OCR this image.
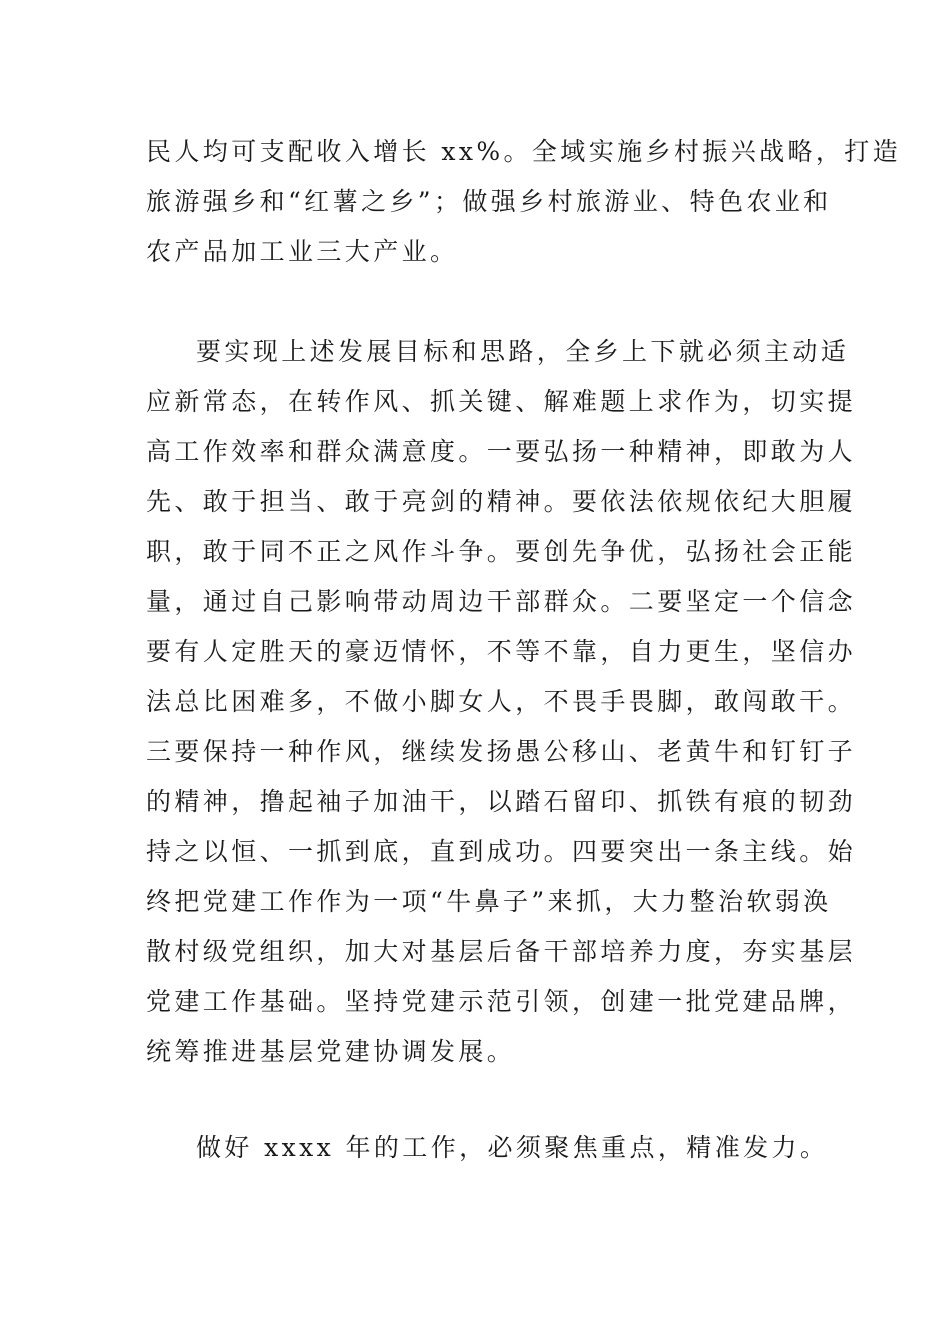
民人均可支配收入增长 xx%。全域实施乡村振兴战略，打造
旅游强乡和“红薯之乡”；做强乡村旅游业、特色农业和
农产品加工业三大产业。
要实现上述发展目标和思路，全乡上下就必须主动适
应新常态，在转作风、抓关键、解难题上求作为，切实提
高工作效率和群众满意度。一要弘扬一种精神，即敢为人
先、敢于担当、敢于亮剑的精神。要依法依规依纪大胆履
职，敢于同不正之风作斗争。要创先争优，弘扬社会正能
量，通过自己影响带动周边干部群众。二要坚定一个信念
要有人定胜天的豪迈情怀，不等不靠，自力更生，坚信办
法总比困难多，不做小脚女人，不畏手畏脚，敢闯敢干。
三要保持一种作风，继续发扬愚公移山、老黄牛和钉钉子
的精神，撸起袖子加油干，以踏石留印、抓铁有痕的韧劲
持之以恒、一抓到底，直到成功。四要突出一条主线。始
终把党建工作作为一项“牛鼻子”来抓，大力整治软弱涣
散村级党组织，加大对基层后备干部培养力度，夯实基层
党建工作基础。坚持党建示范引领，创建一批党建品牌，
统筹推进基层党建协调发展。
做好 xxxx 年的工作，必须聚焦重点，精准发力。
